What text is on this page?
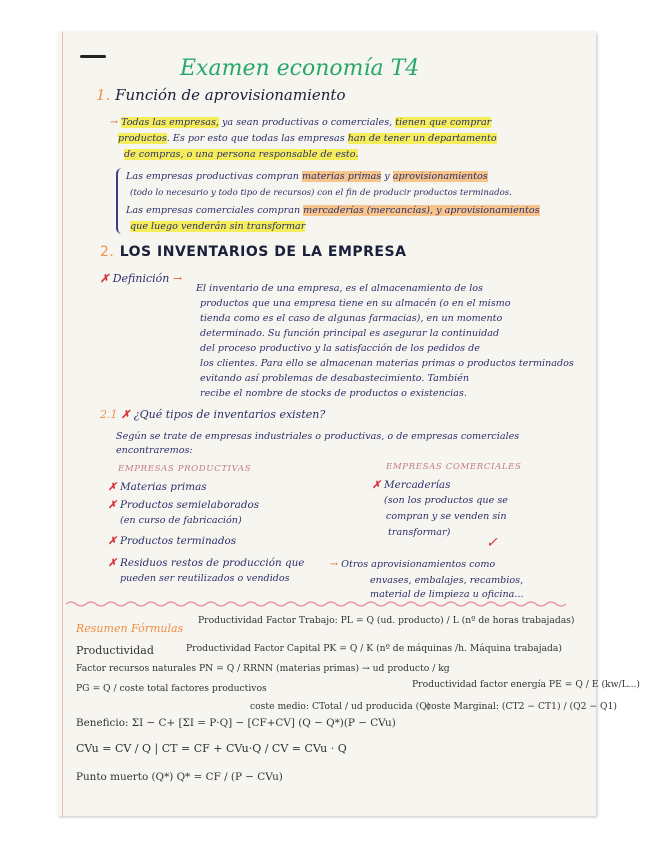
Examen economía T4
1. Función de aprovisionamiento
→ Todas las empresas, ya sean productivas o comerciales, tienen que comprar
productos. Es por esto que todas las empresas han de tener un departamento
de compras, o una persona responsable de esto.
Las empresas productivas compran materias primas y aprovisionamientos
(todo lo necesario y todo tipo de recursos) con el fin de producir productos terminados.
Las empresas comerciales compran mercaderías (mercancías), y aprovisionamientos
que luego venderán sin transformar
2. LOS INVENTARIOS DE LA EMPRESA
✗ Definición →
El inventario de una empresa, es el almacenamiento de los
productos que una empresa tiene en su almacén (o en el mismo
tienda como es el caso de algunas farmacias), en un momento
determinado. Su función principal es asegurar la continuidad
del proceso productivo y la satisfacción de los pedidos de
los clientes. Para ello se almacenan materias primas o productos terminados
evitando así problemas de desabastecimiento. También
recibe el nombre de stocks de productos o existencias.
2.1 ✗ ¿Qué tipos de inventarios existen?
Según se trate de empresas industriales o productivas, o de empresas comerciales
encontraremos:
EMPRESAS PRODUCTIVAS	EMPRESAS COMERCIALES
✗ Materias primas
✗ Productos semielaborados
(en curso de fabricación)
✗ Productos terminados
✗ Residuos restos de producción que
pueden ser reutilizados o vendidos
✗ Mercaderías
(son los productos que se
compran y se venden sin
transformar)
✓
→ Otros aprovisionamientos como
envases, embalajes, recambios,
material de limpieza u oficina...
Resumen Fórmulas
Productividad Factor Trabajo: PL = Q (ud. producto) / L (nº de horas trabajadas)
Productividad	Productividad Factor Capital PK = Q / K (nº de máquinas /h. Máquina trabajada)
Factor recursos naturales PN = Q / RRNN (materias primas) → ud producto / kg
Productividad factor energía PE = Q / E (kw/L...)
PG = Q / coste total factores productivos
coste medio: CTotal / ud producida (Q)
coste Marginal: (CT2 − CT1) / (Q2 − Q1)
Beneficio: ΣI − C+ [ΣI = P·Q] − [CF+CV] (Q − Q*)(P − CVu)
CVu = CV / Q | CT = CF + CVu·Q / CV = CVu · Q
Punto muerto (Q*) Q* = CF / (P − CVu)
